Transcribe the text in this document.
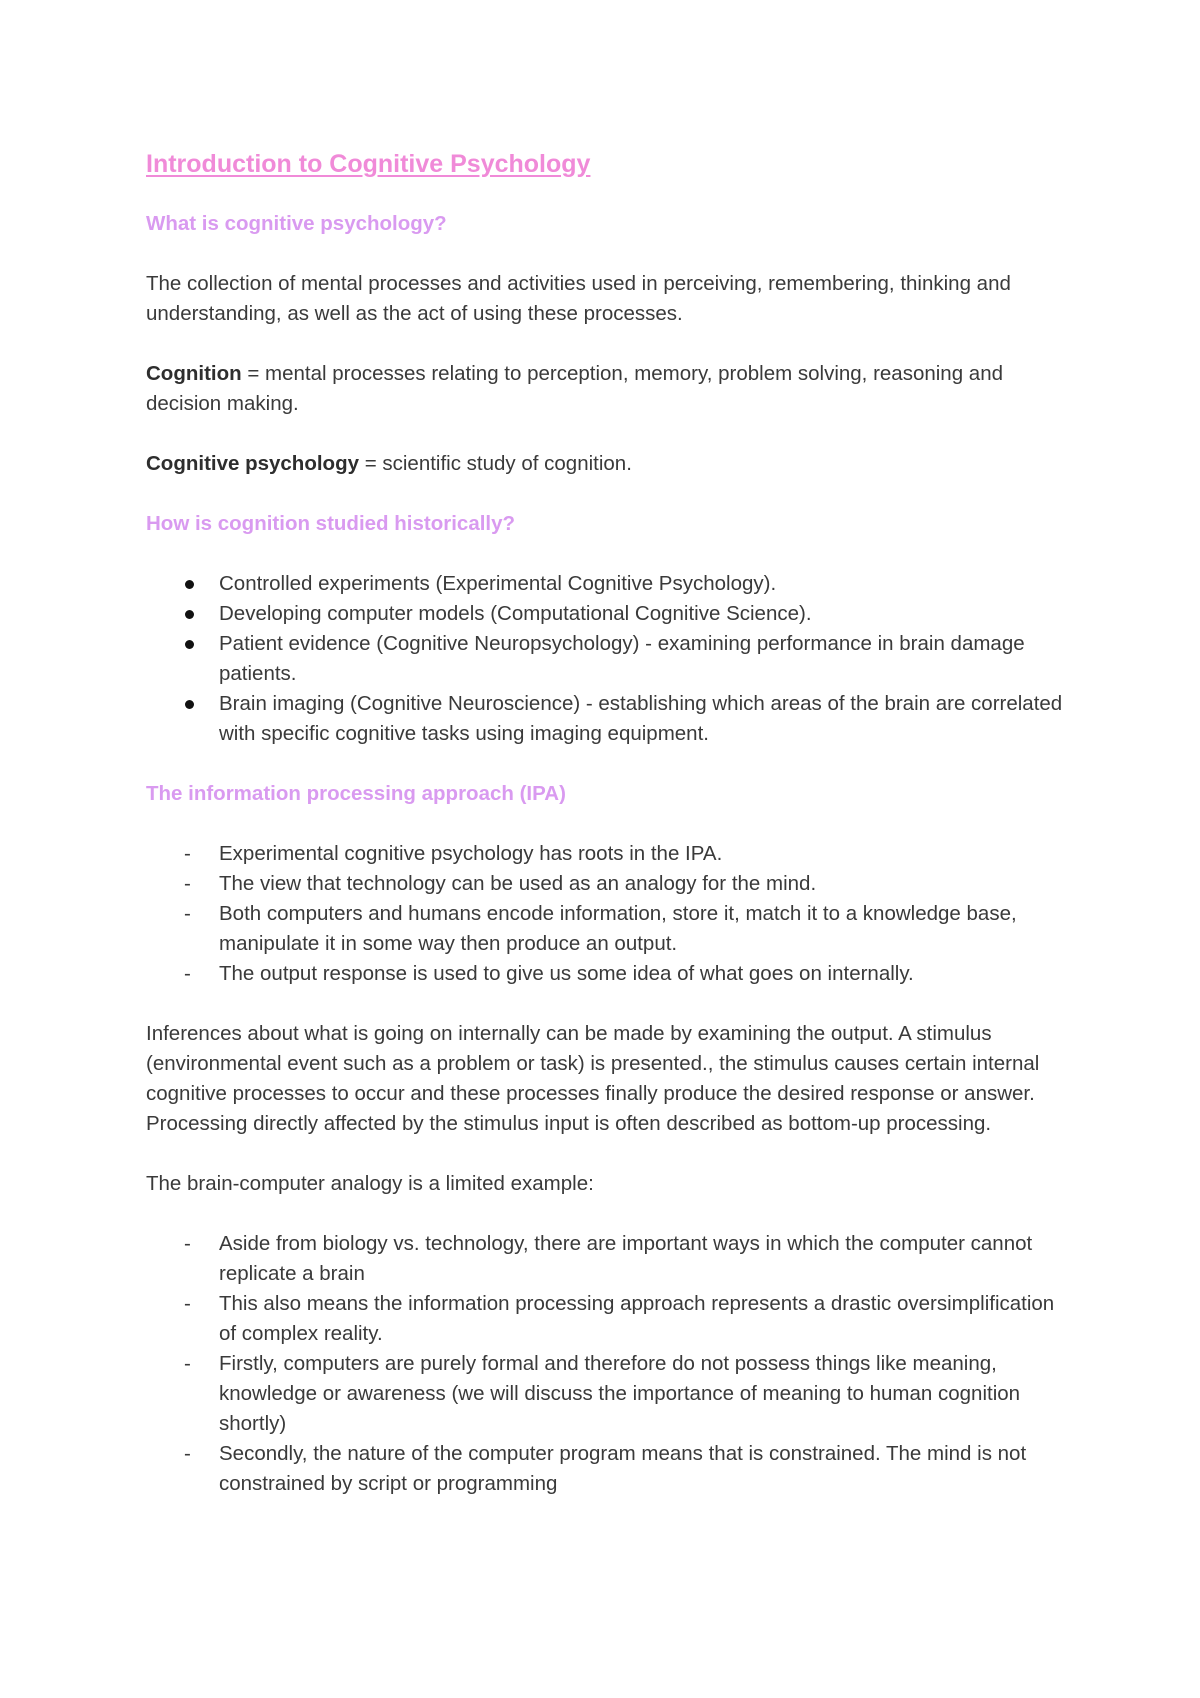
Introduction to Cognitive Psychology
What is cognitive psychology?

The collection of mental processes and activities used in perceiving, remembering, thinking and understanding, as well as the act of using these processes.

Cognition = mental processes relating to perception, memory, problem solving, reasoning and decision making.

Cognitive psychology = scientific study of cognition.

How is cognition studied historically?
Controlled experiments (Experimental Cognitive Psychology).
Developing computer models (Computational Cognitive Science).
Patient evidence (Cognitive Neuropsychology) - examining performance in brain damage patients.
Brain imaging (Cognitive Neuroscience) - establishing which areas of the brain are correlated with specific cognitive tasks using imaging equipment.
The information processing approach (IPA)
- Experimental cognitive psychology has roots in the IPA.
- The view that technology can be used as an analogy for the mind.
- Both computers and humans encode information, store it, match it to a knowledge base, manipulate it in some way then produce an output.
- The output response is used to give us some idea of what goes on internally.

Inferences about what is going on internally can be made by examining the output. A stimulus (environmental event such as a problem or task) is presented., the stimulus causes certain internal cognitive processes to occur and these processes finally produce the desired response or answer. Processing directly affected by the stimulus input is often described as bottom-up processing.

The brain-computer analogy is a limited example:

- Aside from biology vs. technology, there are important ways in which the computer cannot replicate a brain
- This also means the information processing approach represents a drastic oversimplification of complex reality.
- Firstly, computers are purely formal and therefore do not possess things like meaning, knowledge or awareness (we will discuss the importance of meaning to human cognition shortly)
- Secondly, the nature of the computer program means that is constrained. The mind is not constrained by script or programming
